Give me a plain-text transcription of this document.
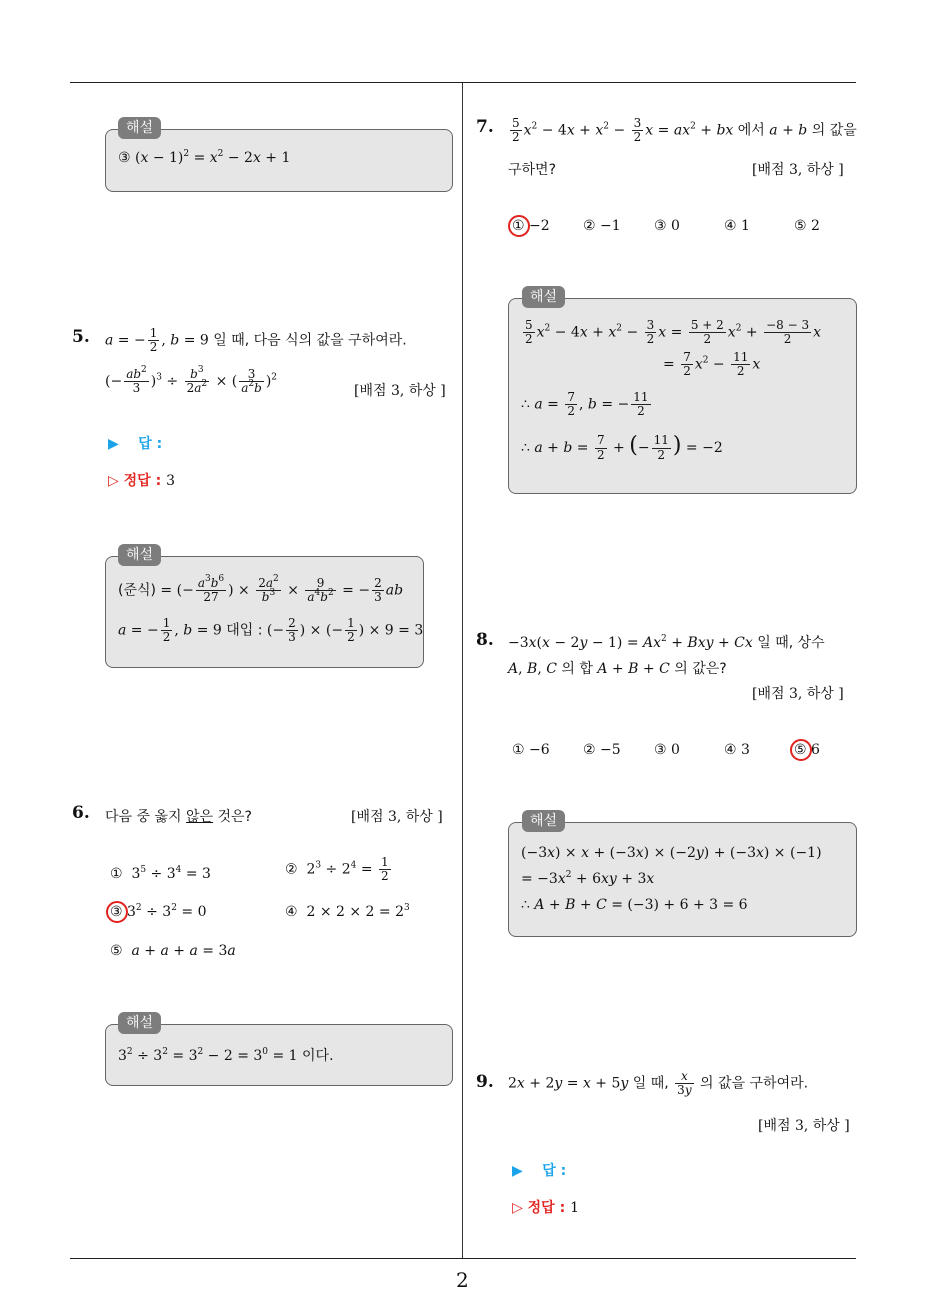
2
③ $(x - 1)^2 = x^2 - 2x + 1$
해설
5. a = − $\frac{1}{2}$ , b = 9 일 때, 다음 식의 값을 구하여라.
(− $\frac{ab^2}{3} )^3 \div \frac{b^3}{2a^2}$ × ( $\frac{3}{a^2b} )^2$
[배점 3, 하상 ]
▶ 답 :
▷ 정답 : 3
(준식) = (− $\frac{a^3b^6}{27}$ ) × $\frac{2a^2}{b^3} \times \frac{9}{a^4b^2}$ = − $\frac{2}{3}$ ab
a = − $\frac{1}{2}$ , b = 9 대입 : (− $\frac{2}{3}$ ) × (− $\frac{1}{2}$ ) × 9 = 3
해설
6. 다음 중 옳지 않은 것은?	[배점 3, 하상 ]
①  $3^5 \div 3^4 = 3$	②  $2^3 \div 2^4 = \frac{1}{2}$
③ $3^2 \div 3^2 = 0$	④  $2 \times 2 \times 2 = 2^3$
⑤ a + a + a = 3a
$3^2 \div 3^2 = 3^2 - 2 = 3^0 = 1$ 이다.
해설
7. $\frac{5}{2} x^2 - 4x + x^2 - \frac{3}{2}$ $x = ax^2$ + bx 에서 a + b 의 값을
구하면?	[배점 3, 하상 ]
① −2 ② −1 ③ 0	④ 1	⑤ 2
$\frac{5}{2} x^2 - 4x + x^2 - \frac{3}{2}$ $x = \frac{5 + 2}{2} x^2 + \frac{-8 - 3}{2}$ x
= $\frac{7}{2} x^2 - \frac{11}{2}$ x
∴ $a = \frac{7}{2}$ , b = − $\frac{11}{2}$
∴ $a + b = \frac{7}{2}$ + (− $\frac{11}{2}$ ) = −2
해설
8. $-3x(x - 2y - 1) = Ax^2$ + Bxy + Cx 일 때, 상수
A, B, C 의 합 A + B + C 의 값은?
[배점 3, 하상 ]
① −6 ② −5 ③ 0	④ 3	⑤ 6
(−3x) × x + (−3x) × (−2y) + (−3x) × (−1)
= $-3x^2 + 6xy + 3x$
∴ A + B + C = (−3) + 6 + 3 = 6
해설
9. 2x + 2y = x + 5y 일 때, $\frac{x}{3y}$ 의 값을 구하여라.
[배점 3, 하상 ]
▶ 답 :
▷ 정답 : 1
